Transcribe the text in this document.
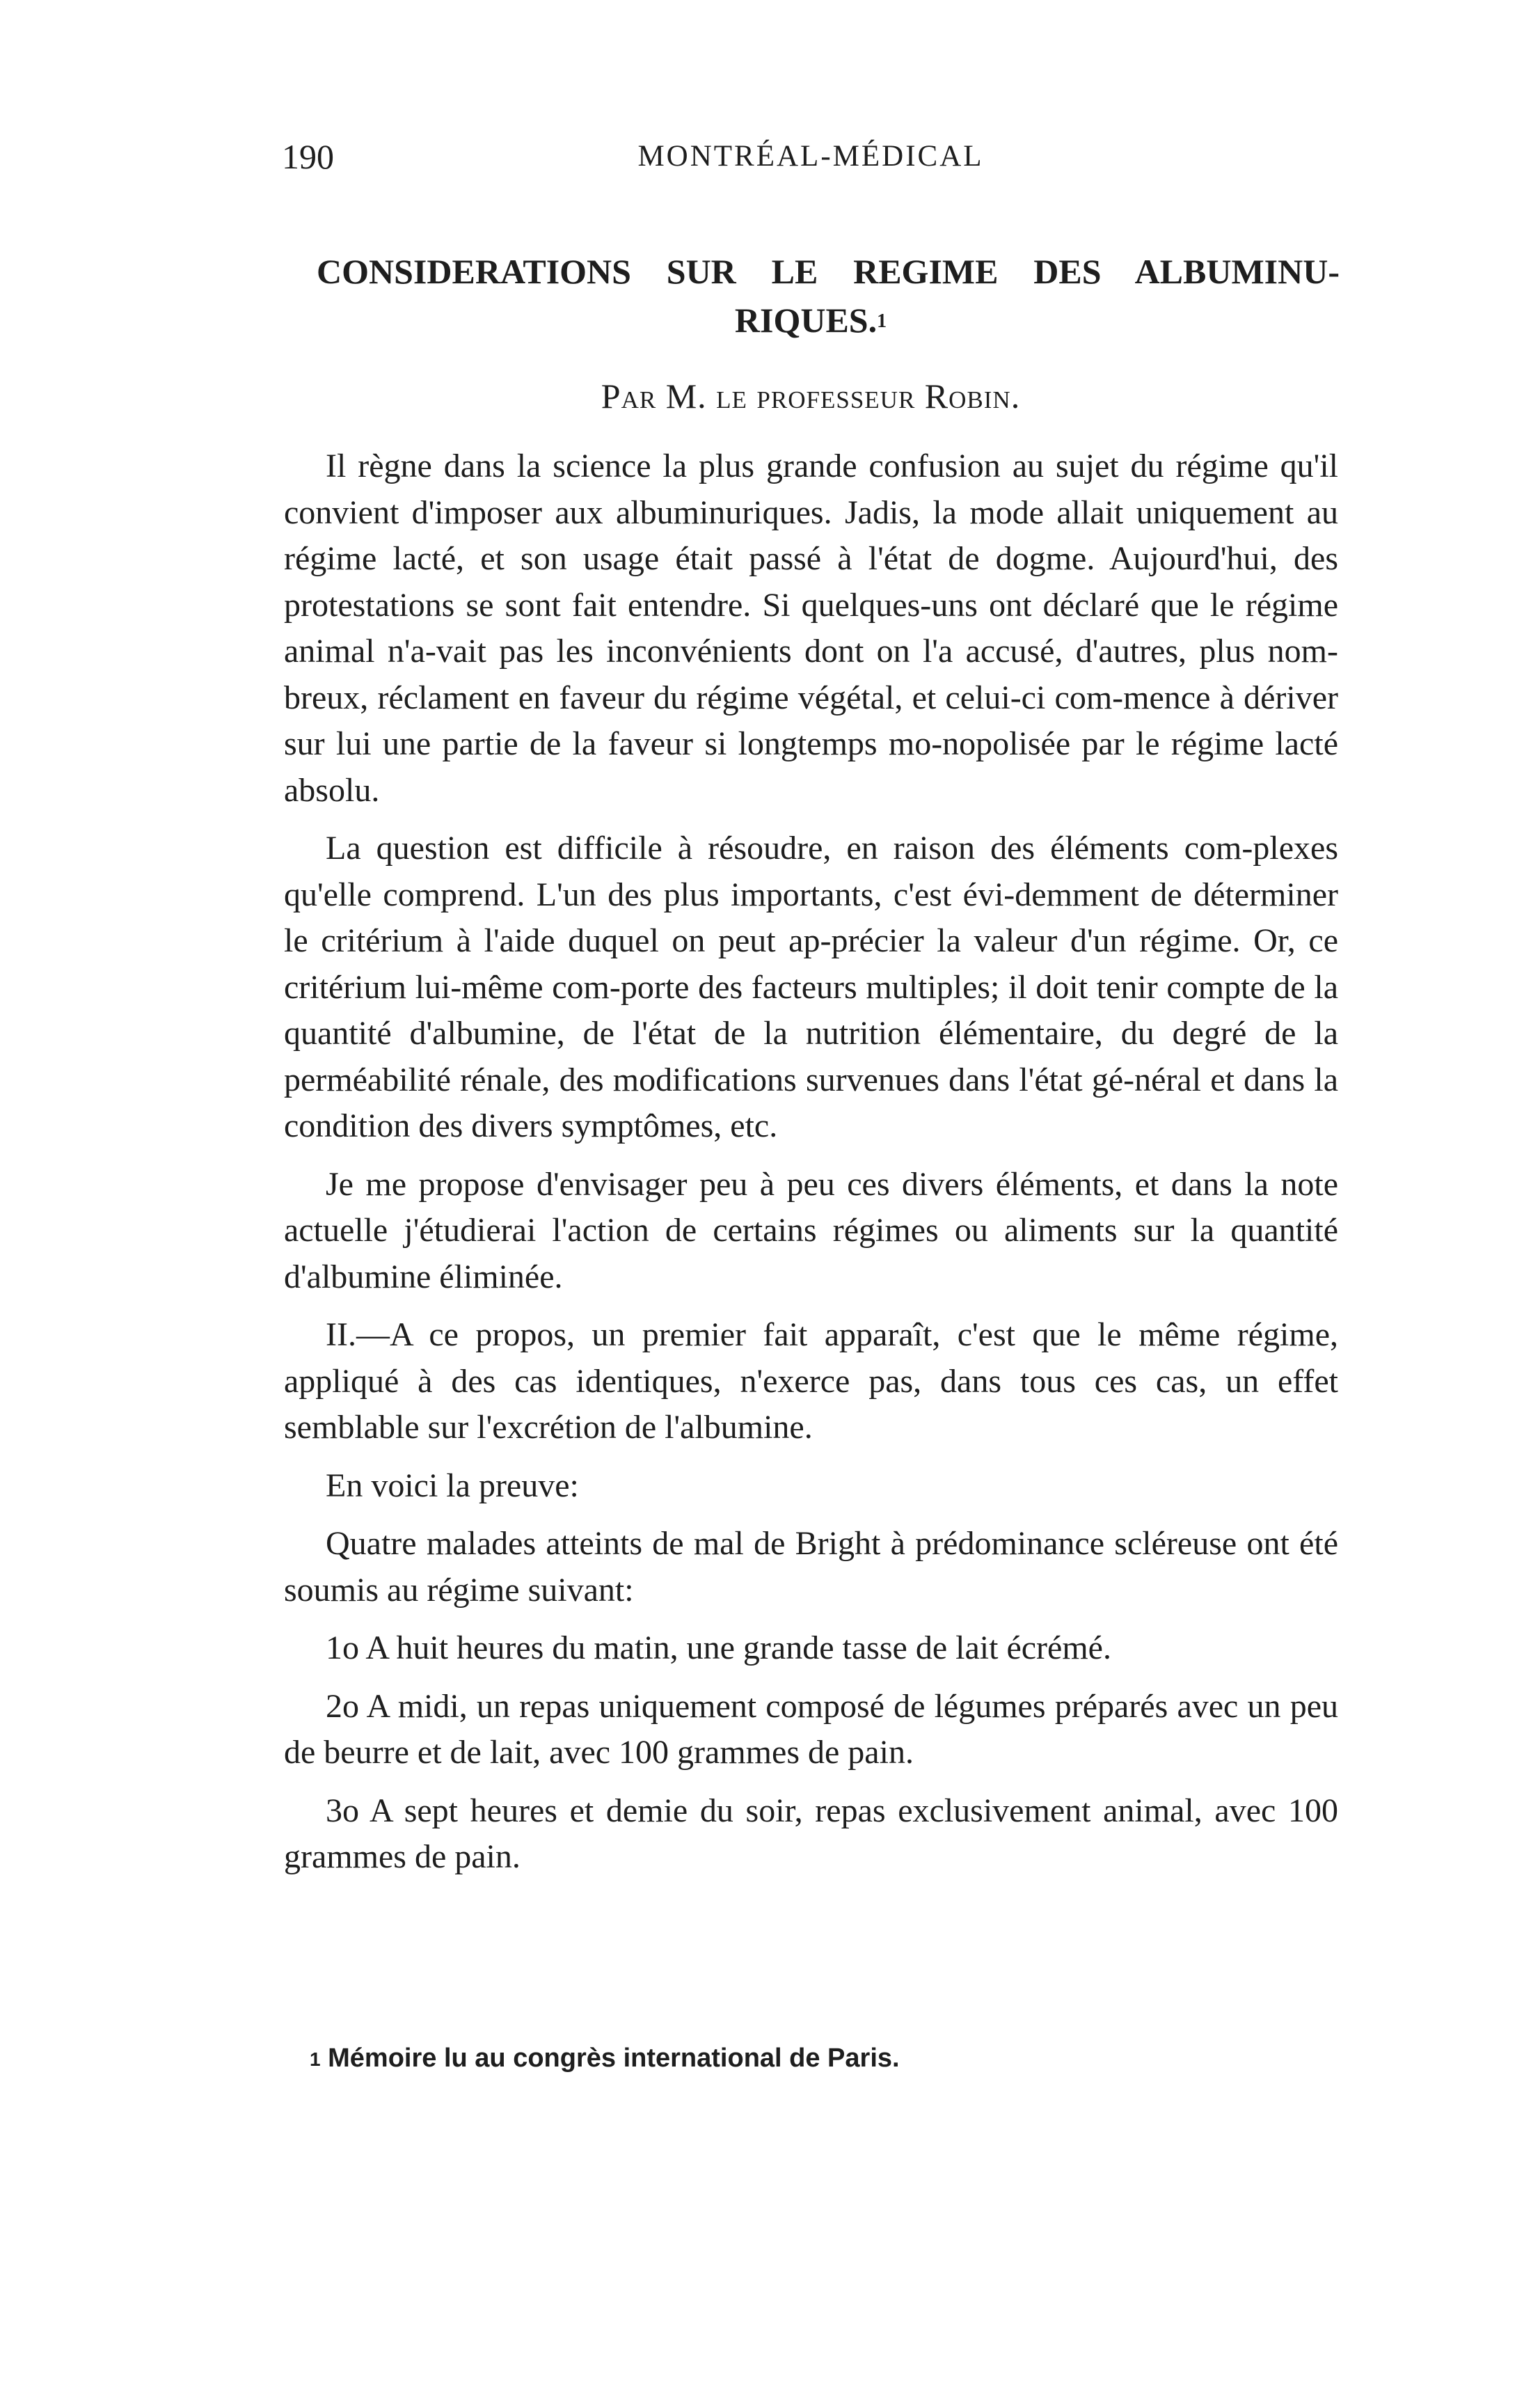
190	MONTRÉAL-MÉDICAL
CONSIDERATIONS SUR LE REGIME DES ALBUMINU-
RIQUES.$^1$
Par M. le professeur Robin.

Il règne dans la science la plus grande confusion au sujet du régime qu'il convient d'imposer aux albuminuriques. Jadis, la mode allait uniquement au régime lacté, et son usage était passé à l'état de dogme. Aujourd'hui, des protestations se sont fait entendre. Si quelques-uns ont déclaré que le régime animal n'a-vait pas les inconvénients dont on l'a accusé, d'autres, plus nom-breux, réclament en faveur du régime végétal, et celui-ci com-mence à dériver sur lui une partie de la faveur si longtemps mo-nopolisée par le régime lacté absolu.

La question est difficile à résoudre, en raison des éléments com-plexes qu'elle comprend. L'un des plus importants, c'est évi-demment de déterminer le critérium à l'aide duquel on peut ap-précier la valeur d'un régime. Or, ce critérium lui-même com-porte des facteurs multiples; il doit tenir compte de la quantité d'albumine, de l'état de la nutrition élémentaire, du degré de la perméabilité rénale, des modifications survenues dans l'état gé-néral et dans la condition des divers symptômes, etc.

Je me propose d'envisager peu à peu ces divers éléments, et dans la note actuelle j'étudierai l'action de certains régimes ou aliments sur la quantité d'albumine éliminée.

II.—A ce propos, un premier fait apparaît, c'est que le même régime, appliqué à des cas identiques, n'exerce pas, dans tous ces cas, un effet semblable sur l'excrétion de l'albumine.

En voici la preuve:

Quatre malades atteints de mal de Bright à prédominance scléreuse ont été soumis au régime suivant:

1o A huit heures du matin, une grande tasse de lait écrémé.

2o A midi, un repas uniquement composé de légumes préparés avec un peu de beurre et de lait, avec 100 grammes de pain.

3o A sept heures et demie du soir, repas exclusivement animal, avec 100 grammes de pain.

$^1$ Mémoire lu au congrès international de Paris.
